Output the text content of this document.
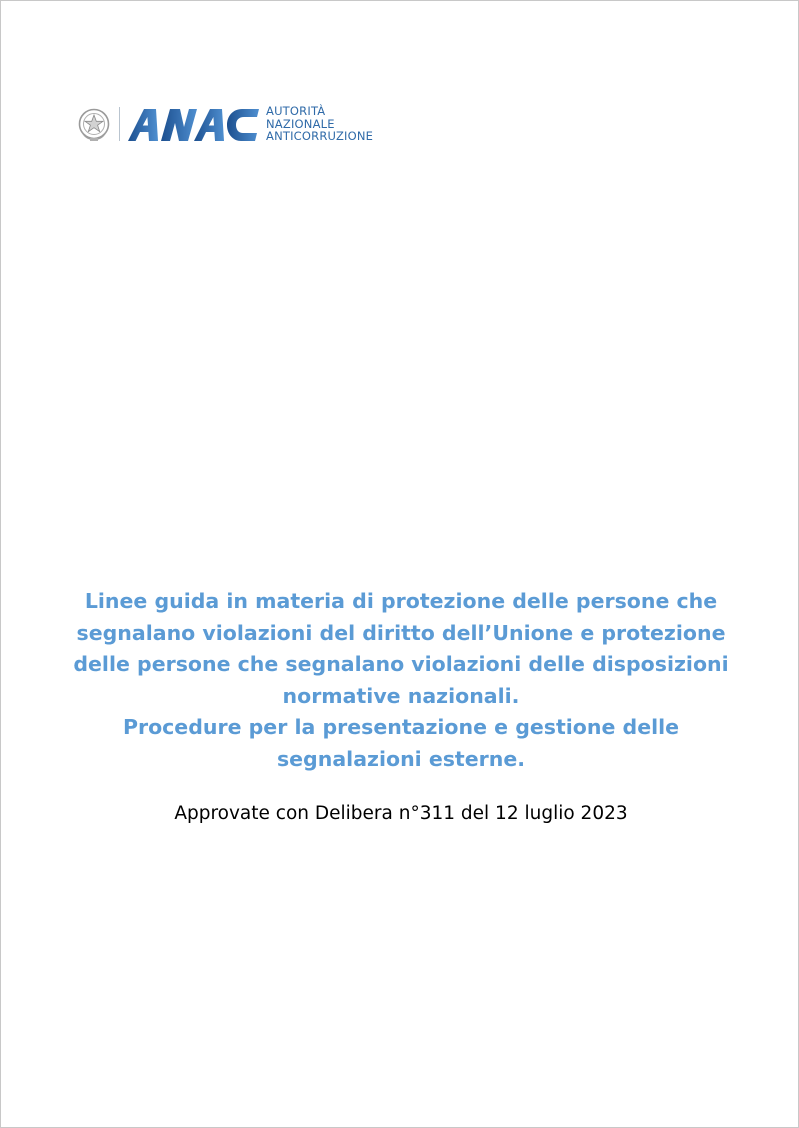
AUTORITÀ
NAZIONALE
ANTICORRUZIONE
Linee guida in materia di protezione delle persone che
segnalano violazioni del diritto dell’Unione e protezione
delle persone che segnalano violazioni delle disposizioni
normative nazionali.
Procedure per la presentazione e gestione delle
segnalazioni esterne.
Approvate con Delibera n°311 del 12 luglio 2023
